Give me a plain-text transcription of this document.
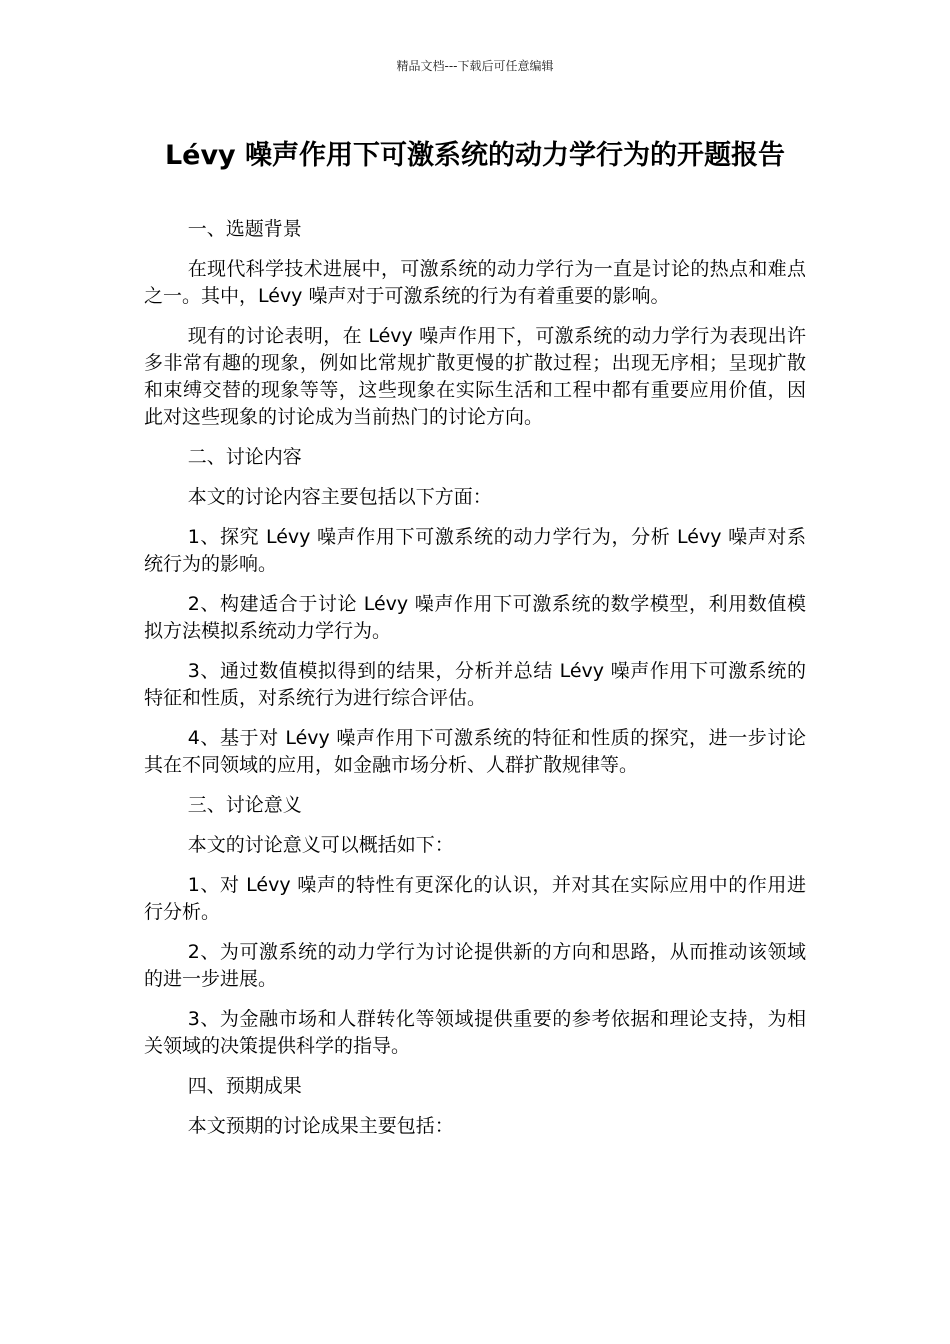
精品文档---下载后可任意编辑
Lévy 噪声作用下可激系统的动力学行为的开题报告

一、选题背景

在现代科学技术进展中，可激系统的动力学行为一直是讨论的热点和难点之一。其中，Lévy 噪声对于可激系统的行为有着重要的影响。

现有的讨论表明，在 Lévy 噪声作用下，可激系统的动力学行为表现出许多非常有趣的现象，例如比常规扩散更慢的扩散过程；出现无序相；呈现扩散和束缚交替的现象等等，这些现象在实际生活和工程中都有重要应用价值，因此对这些现象的讨论成为当前热门的讨论方向。

二、讨论内容

本文的讨论内容主要包括以下方面：

1、探究 Lévy 噪声作用下可激系统的动力学行为，分析 Lévy 噪声对系统行为的影响。

2、构建适合于讨论 Lévy 噪声作用下可激系统的数学模型，利用数值模拟方法模拟系统动力学行为。

3、通过数值模拟得到的结果，分析并总结 Lévy 噪声作用下可激系统的特征和性质，对系统行为进行综合评估。

4、基于对 Lévy 噪声作用下可激系统的特征和性质的探究，进一步讨论其在不同领域的应用，如金融市场分析、人群扩散规律等。

三、讨论意义

本文的讨论意义可以概括如下：

1、对 Lévy 噪声的特性有更深化的认识，并对其在实际应用中的作用进行分析。

2、为可激系统的动力学行为讨论提供新的方向和思路，从而推动该领域的进一步进展。

3、为金融市场和人群转化等领域提供重要的参考依据和理论支持，为相关领域的决策提供科学的指导。

四、预期成果

本文预期的讨论成果主要包括：
